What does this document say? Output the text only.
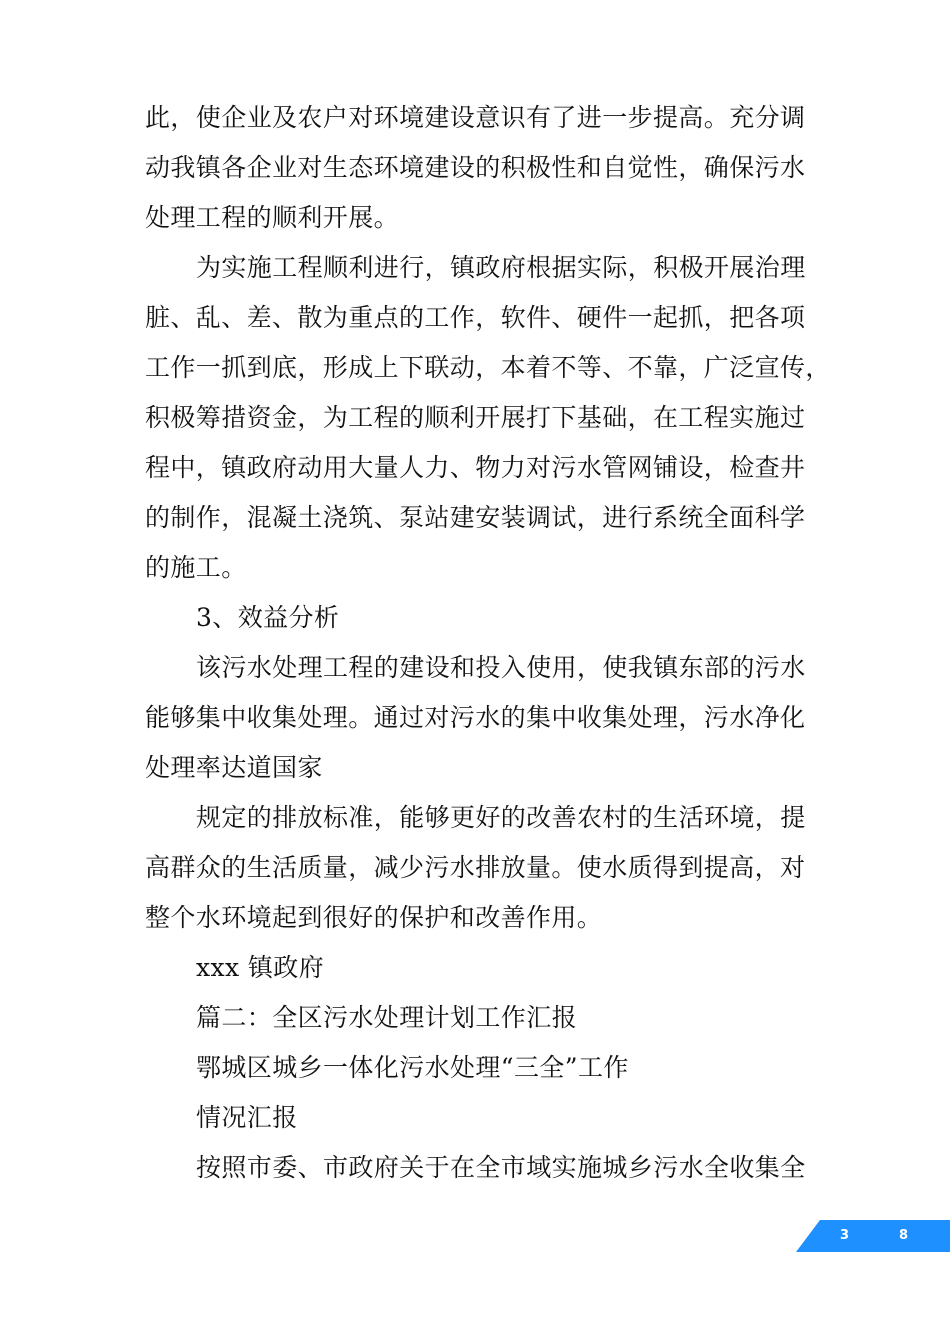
此，使企业及农户对环境建设意识有了进一步提高。充分调
动我镇各企业对生态环境建设的积极性和自觉性，确保污水
处理工程的顺利开展。
为实施工程顺利进行，镇政府根据实际，积极开展治理
脏、乱、差、散为重点的工作，软件、硬件一起抓，把各项
工作一抓到底，形成上下联动，本着不等、不靠，广泛宣传，
积极筹措资金，为工程的顺利开展打下基础，在工程实施过
程中，镇政府动用大量人力、物力对污水管网铺设，检查井
的制作，混凝土浇筑、泵站建安装调试，进行系统全面科学
的施工。
3、效益分析
该污水处理工程的建设和投入使用，使我镇东部的污水
能够集中收集处理。通过对污水的集中收集处理，污水净化
处理率达道国家
规定的排放标准，能够更好的改善农村的生活环境，提
高群众的生活质量，减少污水排放量。使水质得到提高，对
整个水环境起到很好的保护和改善作用。
xxx 镇政府
篇二：全区污水处理计划工作汇报
鄂城区城乡一体化污水处理“三全”工作
情况汇报
按照市委、市政府关于在全市域实施城乡污水全收集全
3	8
